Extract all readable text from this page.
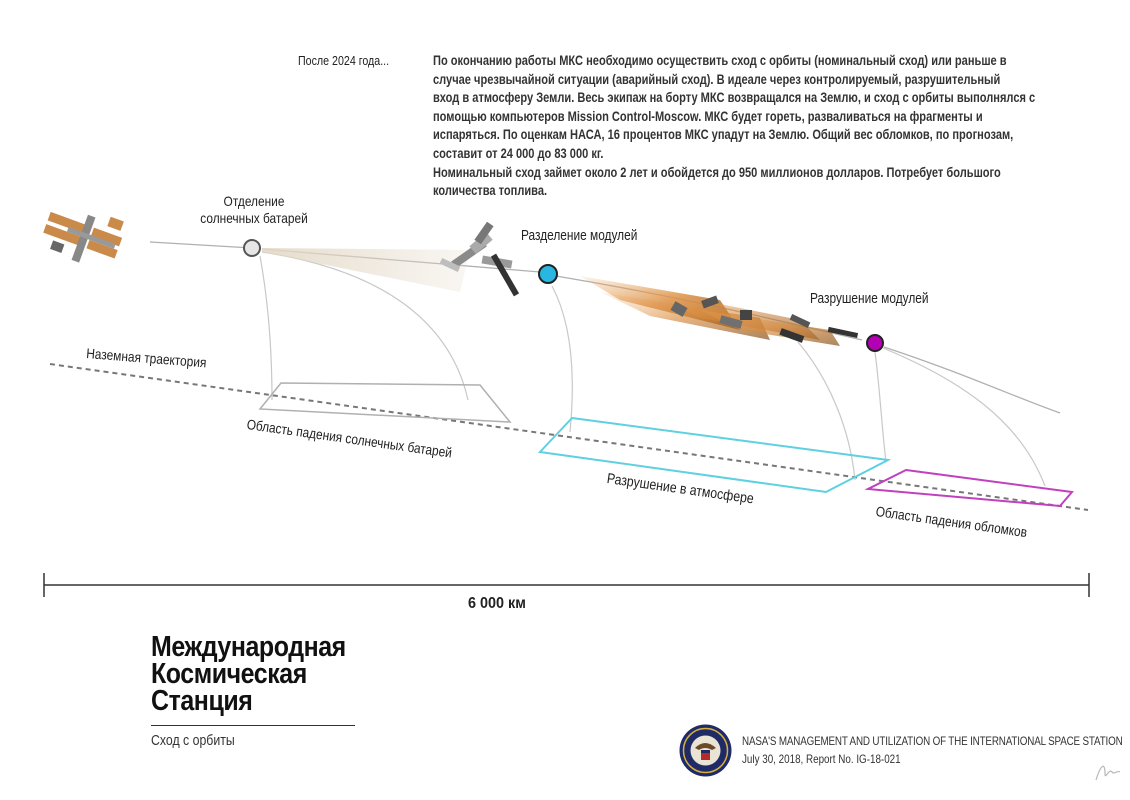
После 2024 года...	По окончанию работы МКС необходимо осуществить сход с орбиты (номинальный сход) или раньше в
случае чрезвычайной ситуации (аварийный сход). В идеале через контролируемый, разрушительный
вход в атмосферу Земли. Весь экипаж на борту МКС возвращался на Землю, и сход с орбиты выполнялся с
помощью компьютеров Mission Control-Moscow. МКС будет гореть, разваливаться на фрагменты и
испаряться. По оценкам НАСА, 16 процентов МКС упадут на Землю. Общий вес обломков, по прогнозам,
составит от 24 000 до 83 000 кг.
Номинальный сход займет около 2 лет и обойдется до 950 миллионов долларов. Потребует большого
количества топлива.
Отделение
солнечных батарей
Разделение модулей
Разрушение модулей
Наземная траектория
Область падения солнечных батарей
Разрушение в атмосфере
Область падения обломков
6 000 км
Международная
Космическая
Станция
Сход с орбиты	NASA'S MANAGEMENT AND UTILIZATION OF THE INTERNATIONAL SPACE STATION
July 30, 2018, Report No. IG-18-021
